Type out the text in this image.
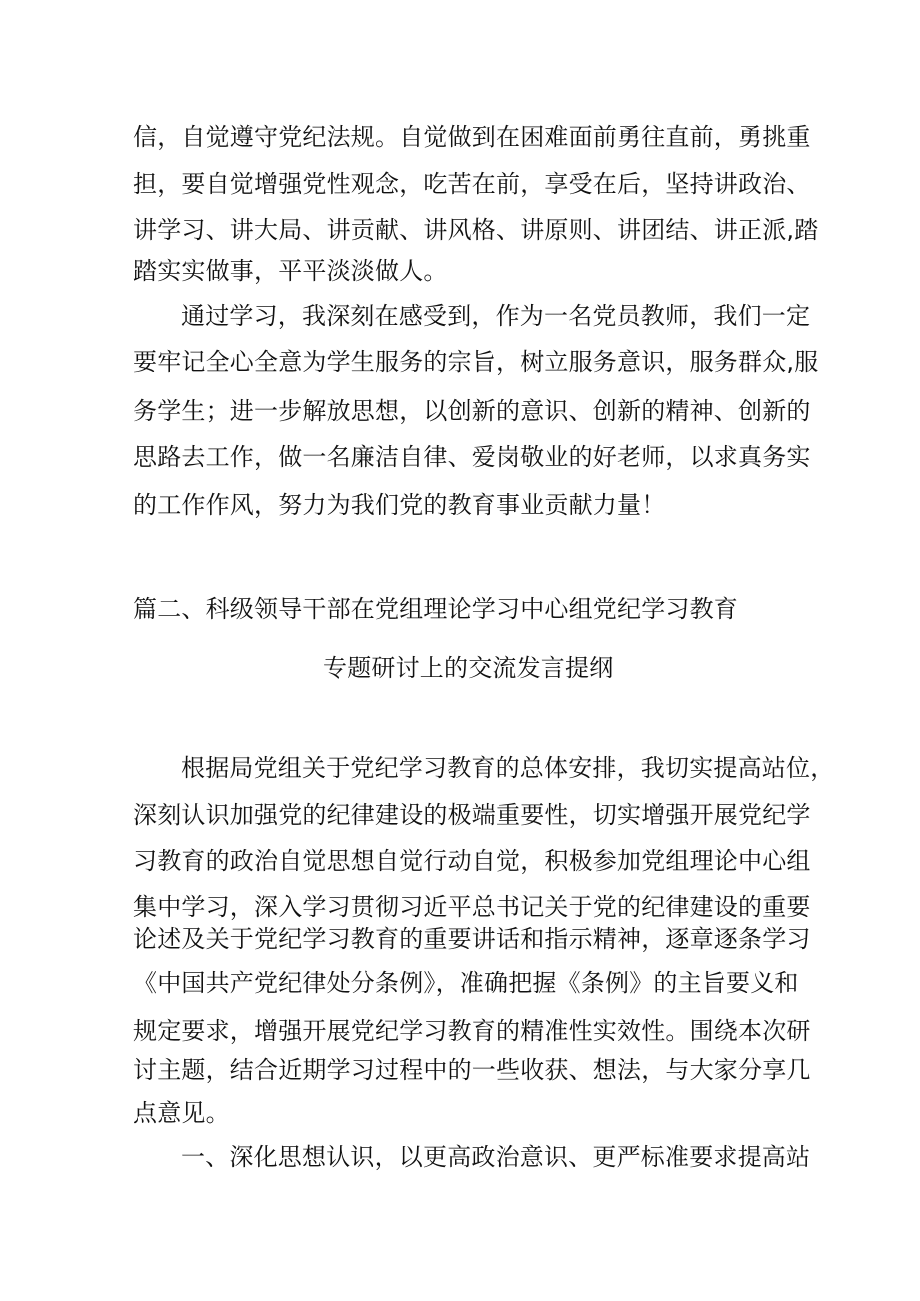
信，自觉遵守党纪法规。自觉做到在困难面前勇往直前，勇挑重
担，要自觉增强党性观念，吃苦在前，享受在后，坚持讲政治、
讲学习、讲大局、讲贡献、讲风格、讲原则、讲团结、讲正派,踏
踏实实做事，平平淡淡做人。
通过学习，我深刻在感受到，作为一名党员教师，我们一定
要牢记全心全意为学生服务的宗旨，树立服务意识，服务群众,服
务学生；进一步解放思想，以创新的意识、创新的精神、创新的
思路去工作，做一名廉洁自律、爱岗敬业的好老师，以求真务实
的工作作风，努力为我们党的教育事业贡献力量！
篇二、科级领导干部在党组理论学习中心组党纪学习教育
专题研讨上的交流发言提纲
根据局党组关于党纪学习教育的总体安排，我切实提高站位，
深刻认识加强党的纪律建设的极端重要性，切实增强开展党纪学
习教育的政治自觉思想自觉行动自觉，积极参加党组理论中心组
集中学习，深入学习贯彻习近平总书记关于党的纪律建设的重要
论述及关于党纪学习教育的重要讲话和指示精神，逐章逐条学习
《中国共产党纪律处分条例》，准确把握《条例》的主旨要义和
规定要求，增强开展党纪学习教育的精准性实效性。围绕本次研
讨主题，结合近期学习过程中的一些收获、想法，与大家分享几
点意见。
一、深化思想认识，以更高政治意识、更严标准要求提高站
